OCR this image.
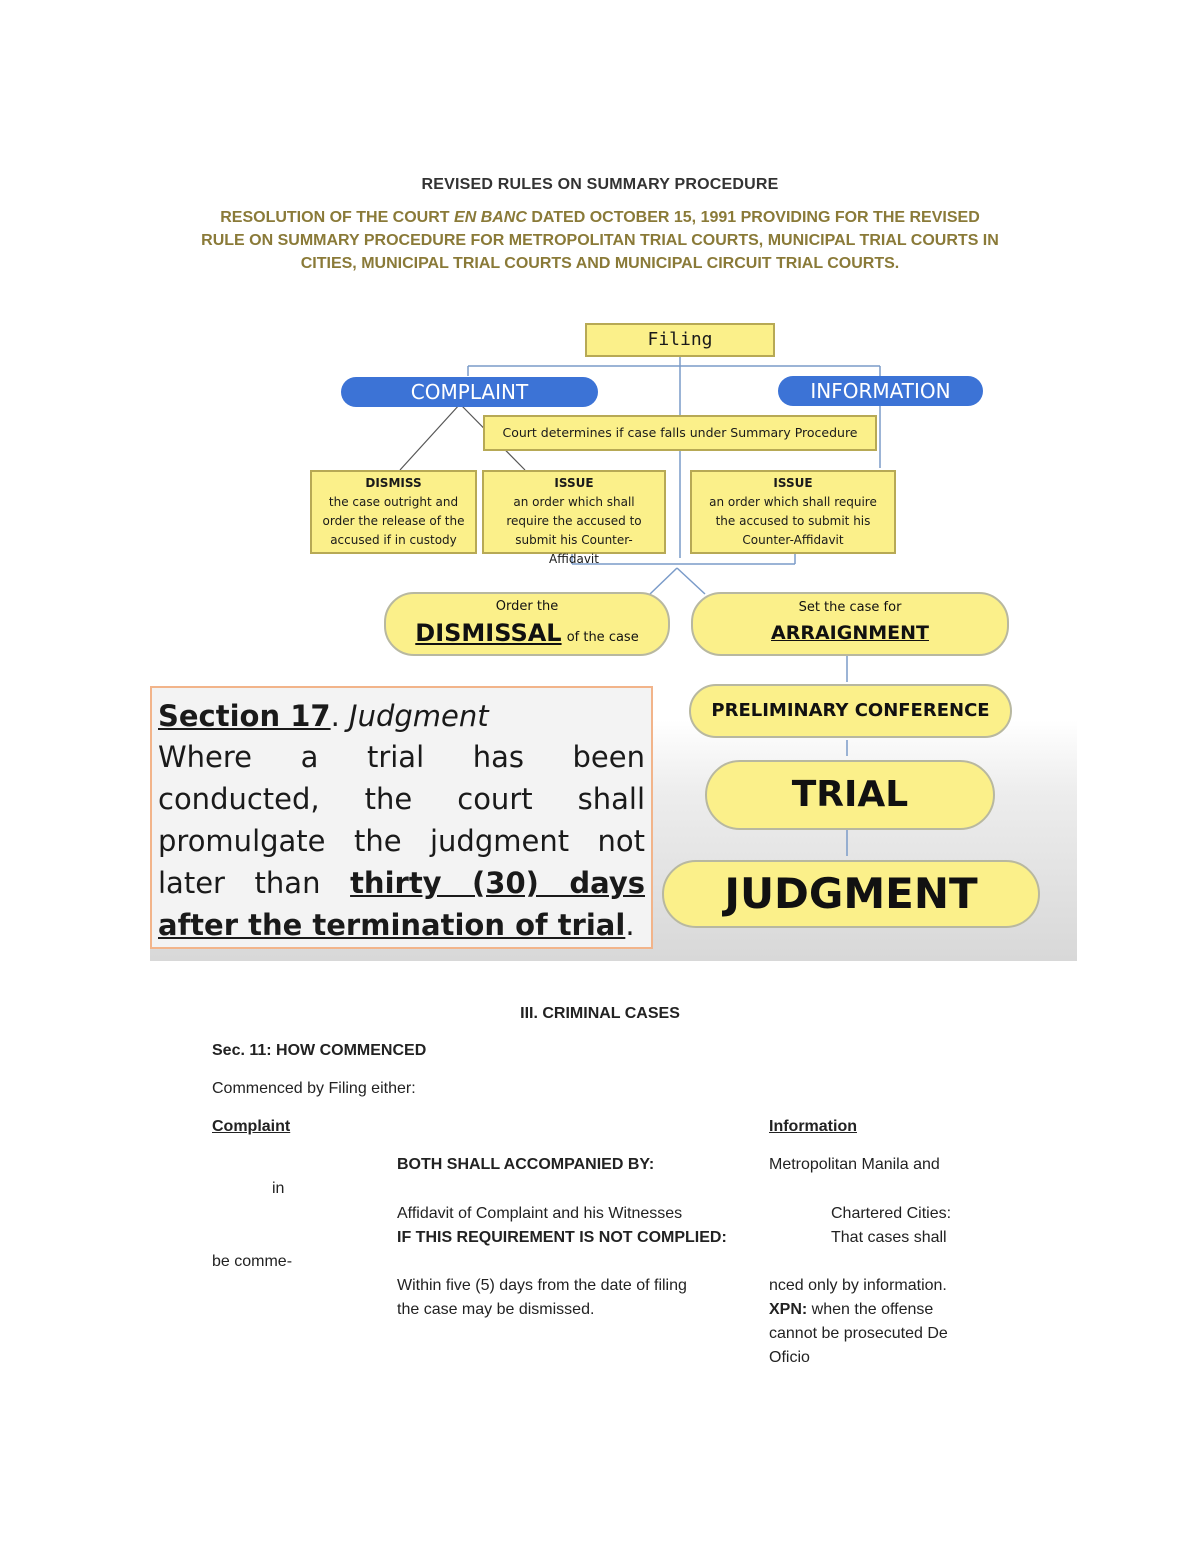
REVISED RULES ON SUMMARY PROCEDURE
RESOLUTION OF THE COURT EN BANC DATED OCTOBER 15, 1991 PROVIDING FOR THE REVISED RULE ON SUMMARY PROCEDURE FOR METROPOLITAN TRIAL COURTS, MUNICIPAL TRIAL COURTS IN CITIES, MUNICIPAL TRIAL COURTS AND MUNICIPAL CIRCUIT TRIAL COURTS.
Filing
COMPLAINT	INFORMATION
Court determines if case falls under Summary Procedure
DISMISS
the case outright and order the release of the accused if in custody
ISSUE
an order which shall require the accused to submit his Counter-Affidavit
ISSUE
an order which shall require the accused to submit his Counter-Affidavit
Order the
DISMISSAL of the case
Set the case for
ARRAIGNMENT
PRELIMINARY CONFERENCE
TRIAL
JUDGMENT
Section 17. Judgment
Where a trial has been conducted, the court shall promulgate the judgment not later than thirty (30) days after the termination of trial.
III. CRIMINAL CASES
Sec. 11: HOW COMMENCED
Commenced by Filing either:
Complaint	Information
BOTH SHALL ACCOMPANIED BY:	Metropolitan Manila and
in
Affidavit of Complaint and his Witnesses	Chartered Cities:
IF THIS REQUIREMENT IS NOT COMPLIED:	That cases shall
be comme-
Within five (5) days from the date of filing	nced only by information.
the case may be dismissed.	XPN: when the offense
cannot be prosecuted De
Oficio
